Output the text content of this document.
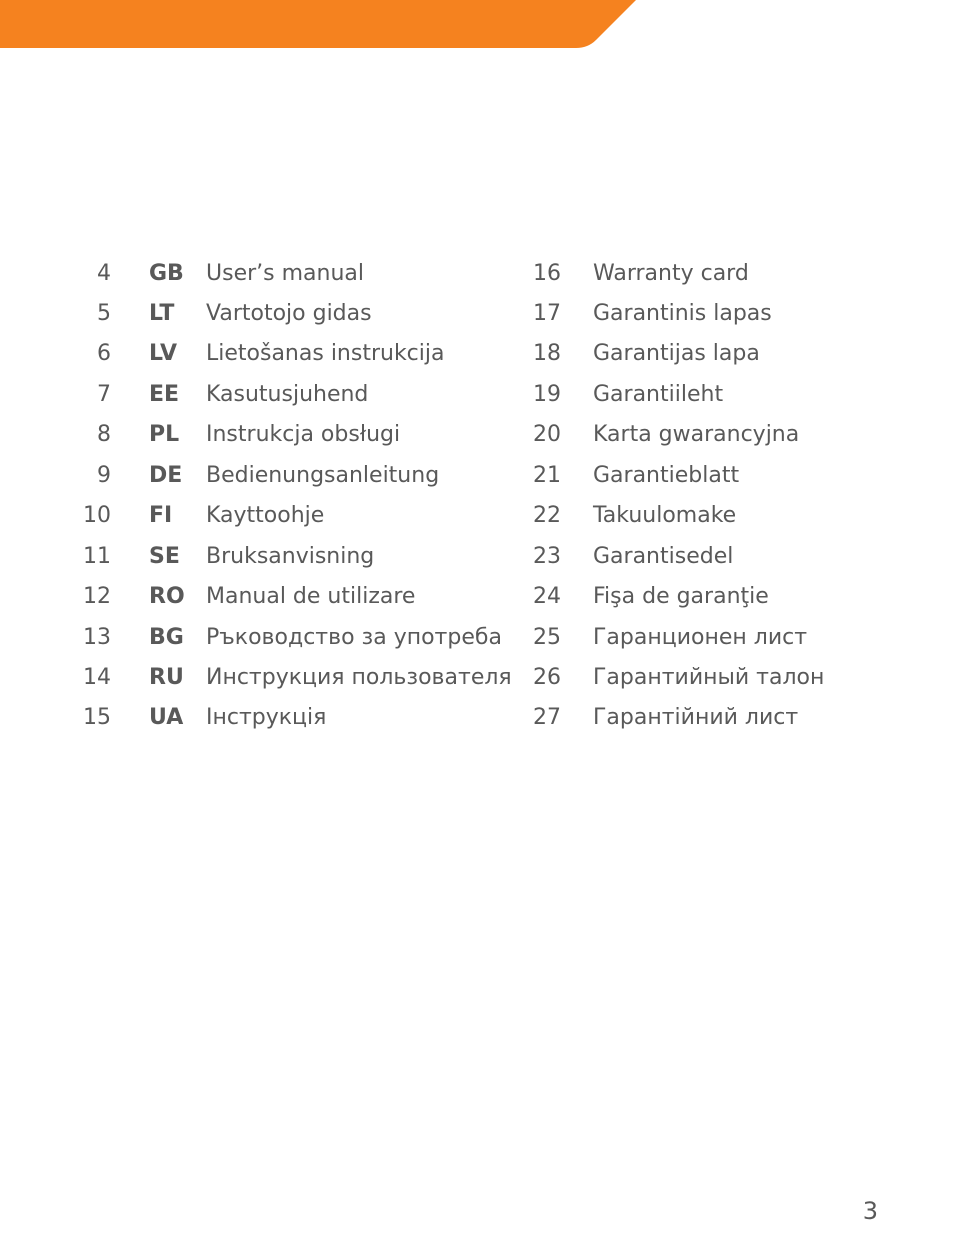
4 GB User’s manual	16 Warranty card
5 LT Vartotojo gidas	17 Garantinis lapas
6 LV Lietošanas instrukcija	18 Garantijas lapa
7 EE Kasutusjuhend	19 Garantiileht
8 PL Instrukcja obsługi	20 Karta gwarancyjna
9 DE Bedienungsanleitung	21 Garantieblatt
10 FI Kayttoohje	22 Takuulomake
11 SE Bruksanvisning	23 Garantisedel
12 RO Manual de utilizare	24 Fişa de garanţie
13 BG Ръководство за употреба 25 Гаранционен лист
14 RU Инструкция пользователя 26 Гарантийный талон
15 UA Інструкція	27 Гарантійний лист
3
